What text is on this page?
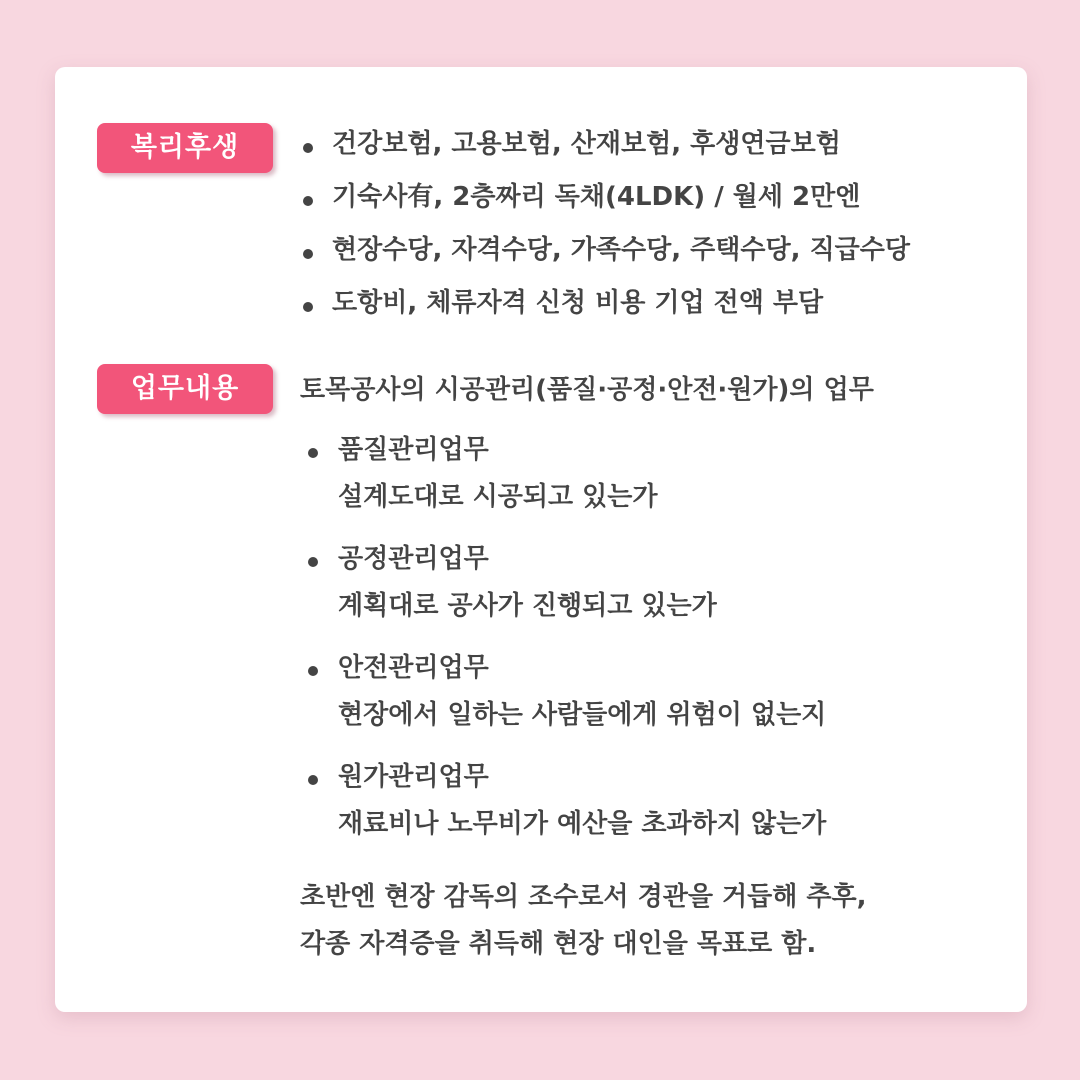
복리후생	건강보험, 고용보험, 산재보험, 후생연금보험
기숙사有, 2층짜리 독채(4LDK) / 월세 2만엔
현장수당, 자격수당, 가족수당, 주택수당, 직급수당
도항비, 체류자격 신청 비용 기업 전액 부담
업무내용	토목공사의 시공관리(품질·공정·안전·원가)의 업무
품질관리업무
설계도대로 시공되고 있는가
공정관리업무
계획대로 공사가 진행되고 있는가
안전관리업무
현장에서 일하는 사람들에게 위험이 없는지
원가관리업무
재료비나 노무비가 예산을 초과하지 않는가
초반엔 현장 감독의 조수로서 경관을 거듭해 추후,
각종 자격증을 취득해 현장 대인을 목표로 함.
